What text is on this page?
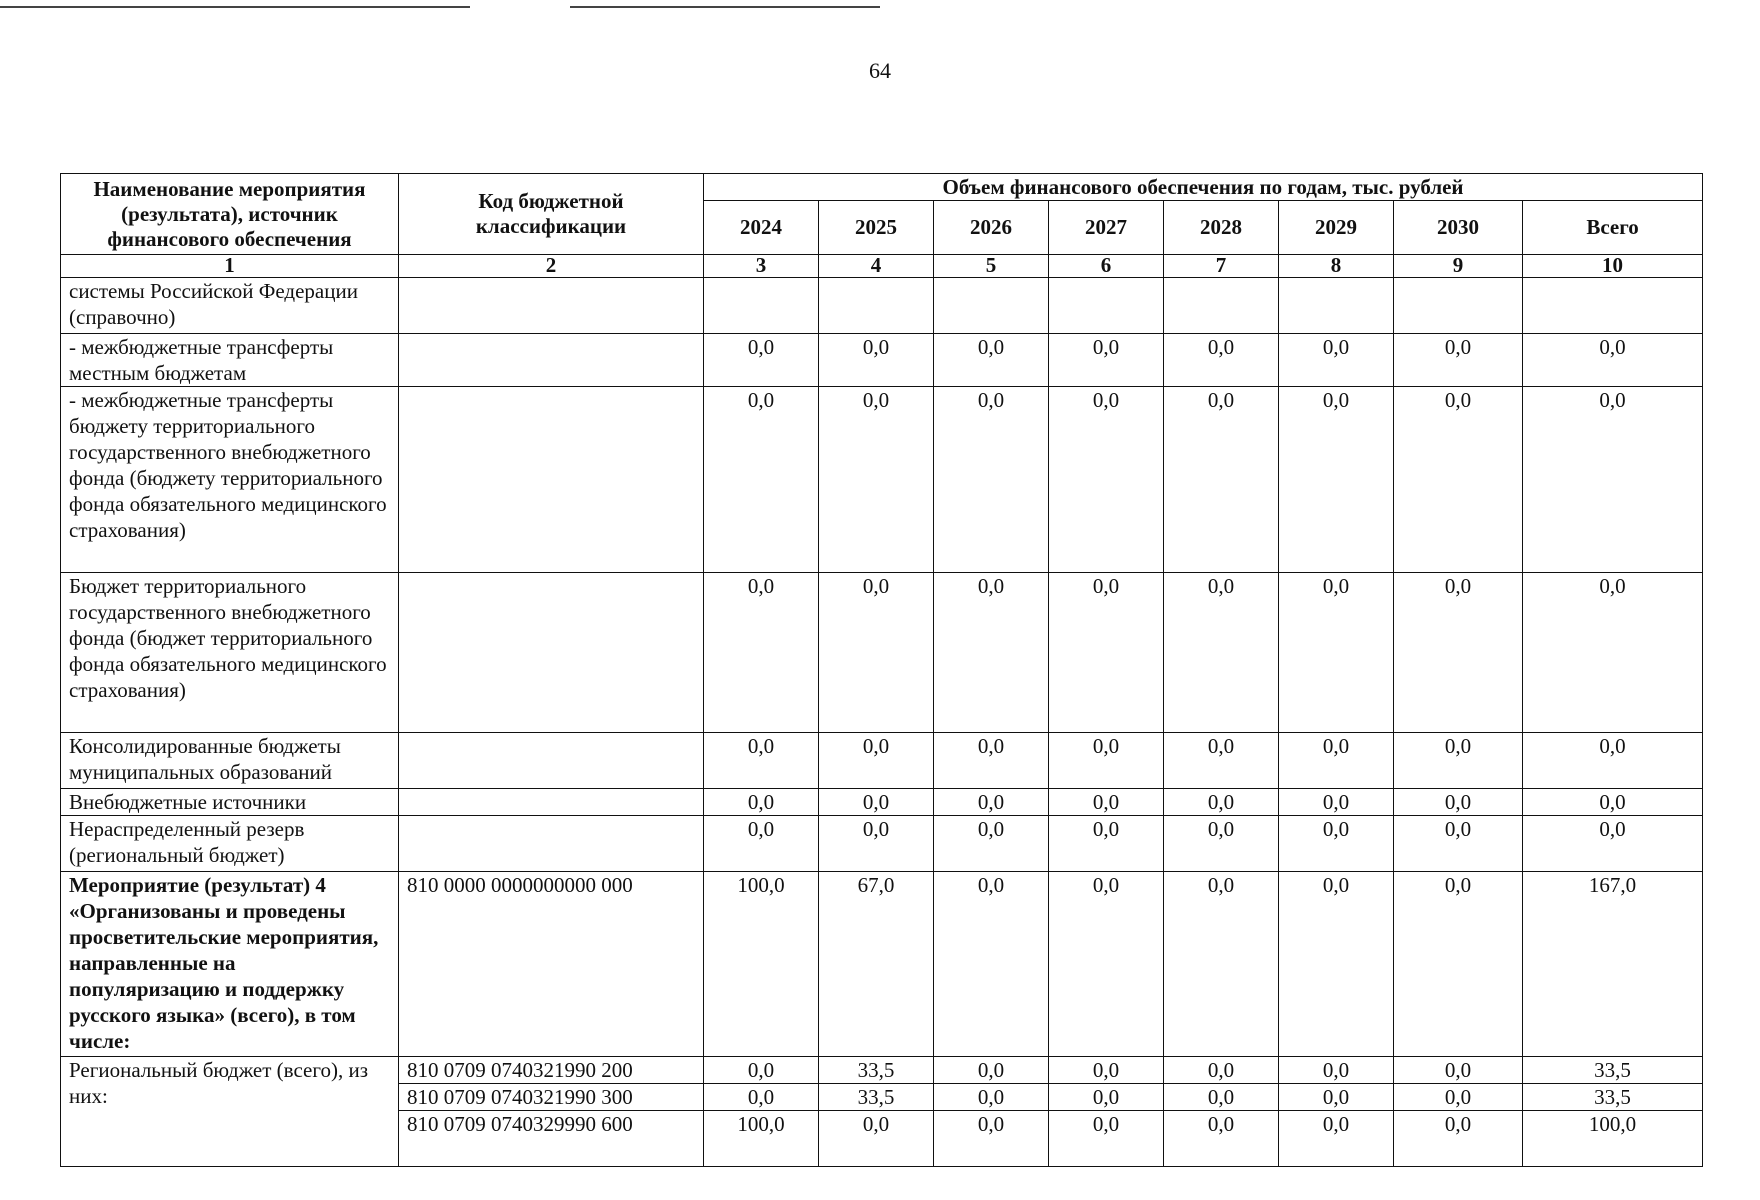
64
Наименование мероприятия (результата), источник финансового обеспечения	Код бюджетной классификации	Объем финансового обеспечения по годам, тыс. рублей							
		2024	2025	2026	2027	2028	2029	2030	Всего
1	2	3	4	5	6	7	8	9	10
системы Российской Федерации (справочно)									
- межбюджетные трансферты местным бюджетам		0,0	0,0	0,0	0,0	0,0	0,0	0,0	0,0
- межбюджетные трансферты бюджету территориального государственного внебюджетного фонда (бюджету территориального фонда обязательного медицинского страхования)		0,0	0,0	0,0	0,0	0,0	0,0	0,0	0,0
Бюджет территориального государственного внебюджетного фонда (бюджет территориального фонда обязательного медицинского страхования)		0,0	0,0	0,0	0,0	0,0	0,0	0,0	0,0
Консолидированные бюджеты муниципальных образований		0,0	0,0	0,0	0,0	0,0	0,0	0,0	0,0
Внебюджетные источники		0,0	0,0	0,0	0,0	0,0	0,0	0,0	0,0
Нераспределенный резерв (региональный бюджет)		0,0	0,0	0,0	0,0	0,0	0,0	0,0	0,0
Мероприятие (результат) 4 «Организованы и проведены просветительские мероприятия, направленные на популяризацию и поддержку русского языка» (всего), в том числе:	810 0000 0000000000 000	100,0	67,0	0,0	0,0	0,0	0,0	0,0	167,0
Региональный бюджет (всего), из них:	810 0709 0740321990 200	0,0	33,5	0,0	0,0	0,0	0,0	0,0	33,5
	810 0709 0740321990 300	0,0	33,5	0,0	0,0	0,0	0,0	0,0	33,5
	810 0709 0740329990 600	100,0	0,0	0,0	0,0	0,0	0,0	0,0	100,0
